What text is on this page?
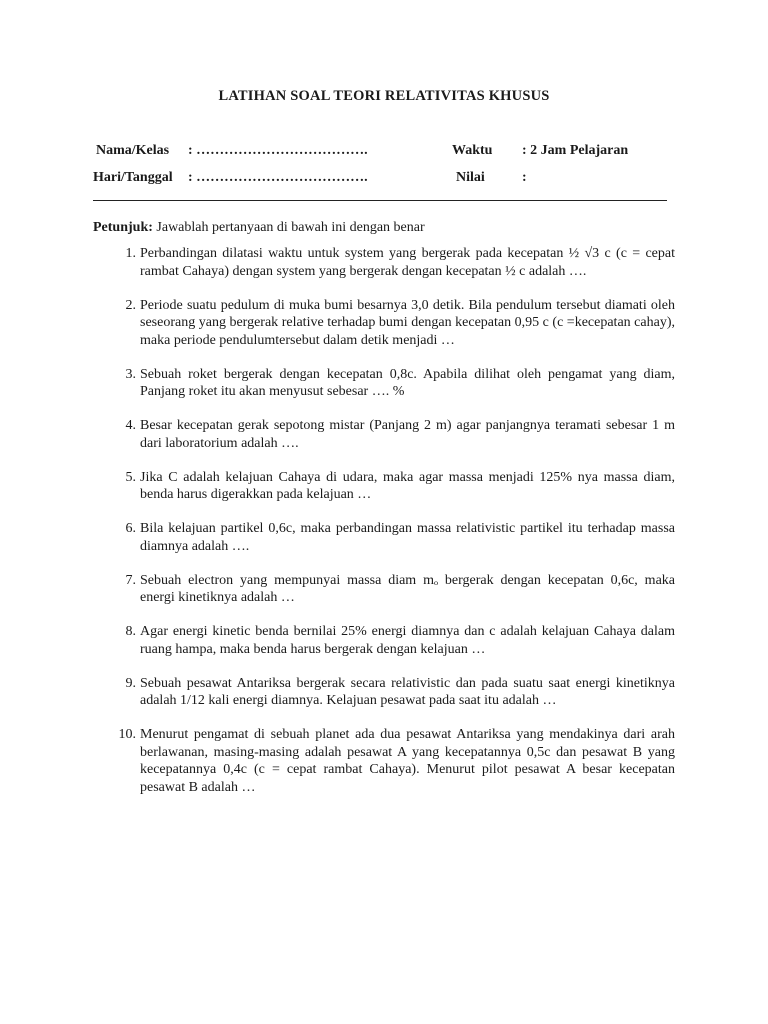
LATIHAN SOAL TEORI RELATIVITAS KHUSUS
Nama/Kelas : ……………………………….
Hari/Tanggal : ……………………………….
Waktu : 2 Jam Pelajaran
Nilai	:
Petunjuk: Jawablah pertanyaan di bawah ini dengan benar
1. Perbandingan dilatasi waktu untuk system yang bergerak pada kecepatan ½ √3 c (c = cepat rambat Cahaya) dengan system yang bergerak dengan kecepatan ½ c adalah ….
2. Periode suatu pedulum di muka bumi besarnya 3,0 detik. Bila pendulum tersebut diamati oleh seseorang yang bergerak relative terhadap bumi dengan kecepatan 0,95 c (c =kecepatan cahay), maka periode pendulumtersebut dalam detik menjadi …
3. Sebuah roket bergerak dengan kecepatan 0,8c. Apabila dilihat oleh pengamat yang diam, Panjang roket itu akan menyusut sebesar …. %
4. Besar kecepatan gerak sepotong mistar (Panjang 2 m) agar panjangnya teramati sebesar 1 m dari laboratorium adalah ….
5. Jika C adalah kelajuan Cahaya di udara, maka agar massa menjadi 125% nya massa diam, benda harus digerakkan pada kelajuan …
6. Bila kelajuan partikel 0,6c, maka perbandingan massa relativistic partikel itu terhadap massa diamnya adalah ….
7. Sebuah electron yang mempunyai massa diam mₒ bergerak dengan kecepatan 0,6c, maka energi kinetiknya adalah …
8. Agar energi kinetic benda bernilai 25% energi diamnya dan c adalah kelajuan Cahaya dalam ruang hampa, maka benda harus bergerak dengan kelajuan …
9. Sebuah pesawat Antariksa bergerak secara relativistic dan pada suatu saat energi kinetiknya adalah 1/12 kali energi diamnya. Kelajuan pesawat pada saat itu adalah …
10. Menurut pengamat di sebuah planet ada dua pesawat Antariksa yang mendakinya dari arah berlawanan, masing-masing adalah pesawat A yang kecepatannya 0,5c dan pesawat B yang kecepatannya 0,4c (c = cepat rambat Cahaya). Menurut pilot pesawat A besar kecepatan pesawat B adalah …
